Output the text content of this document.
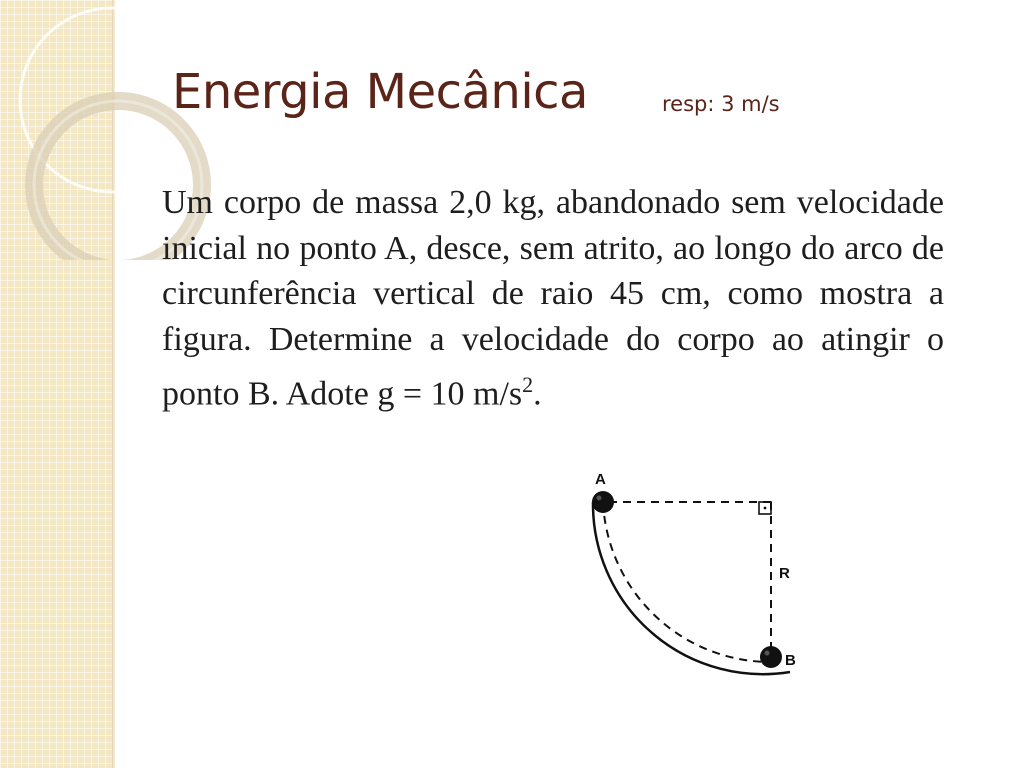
Energia Mecânica	resp: 3 m/s
Um corpo de massa 2,0 kg, abandonado sem velocidade inicial no ponto A, desce, sem atrito, ao longo do arco de circunferência vertical de raio 45 cm, como mostra a figura. Determine a velocidade do corpo ao atingir o ponto B. Adote g = 10 $m/s^2$.
A
B
R
